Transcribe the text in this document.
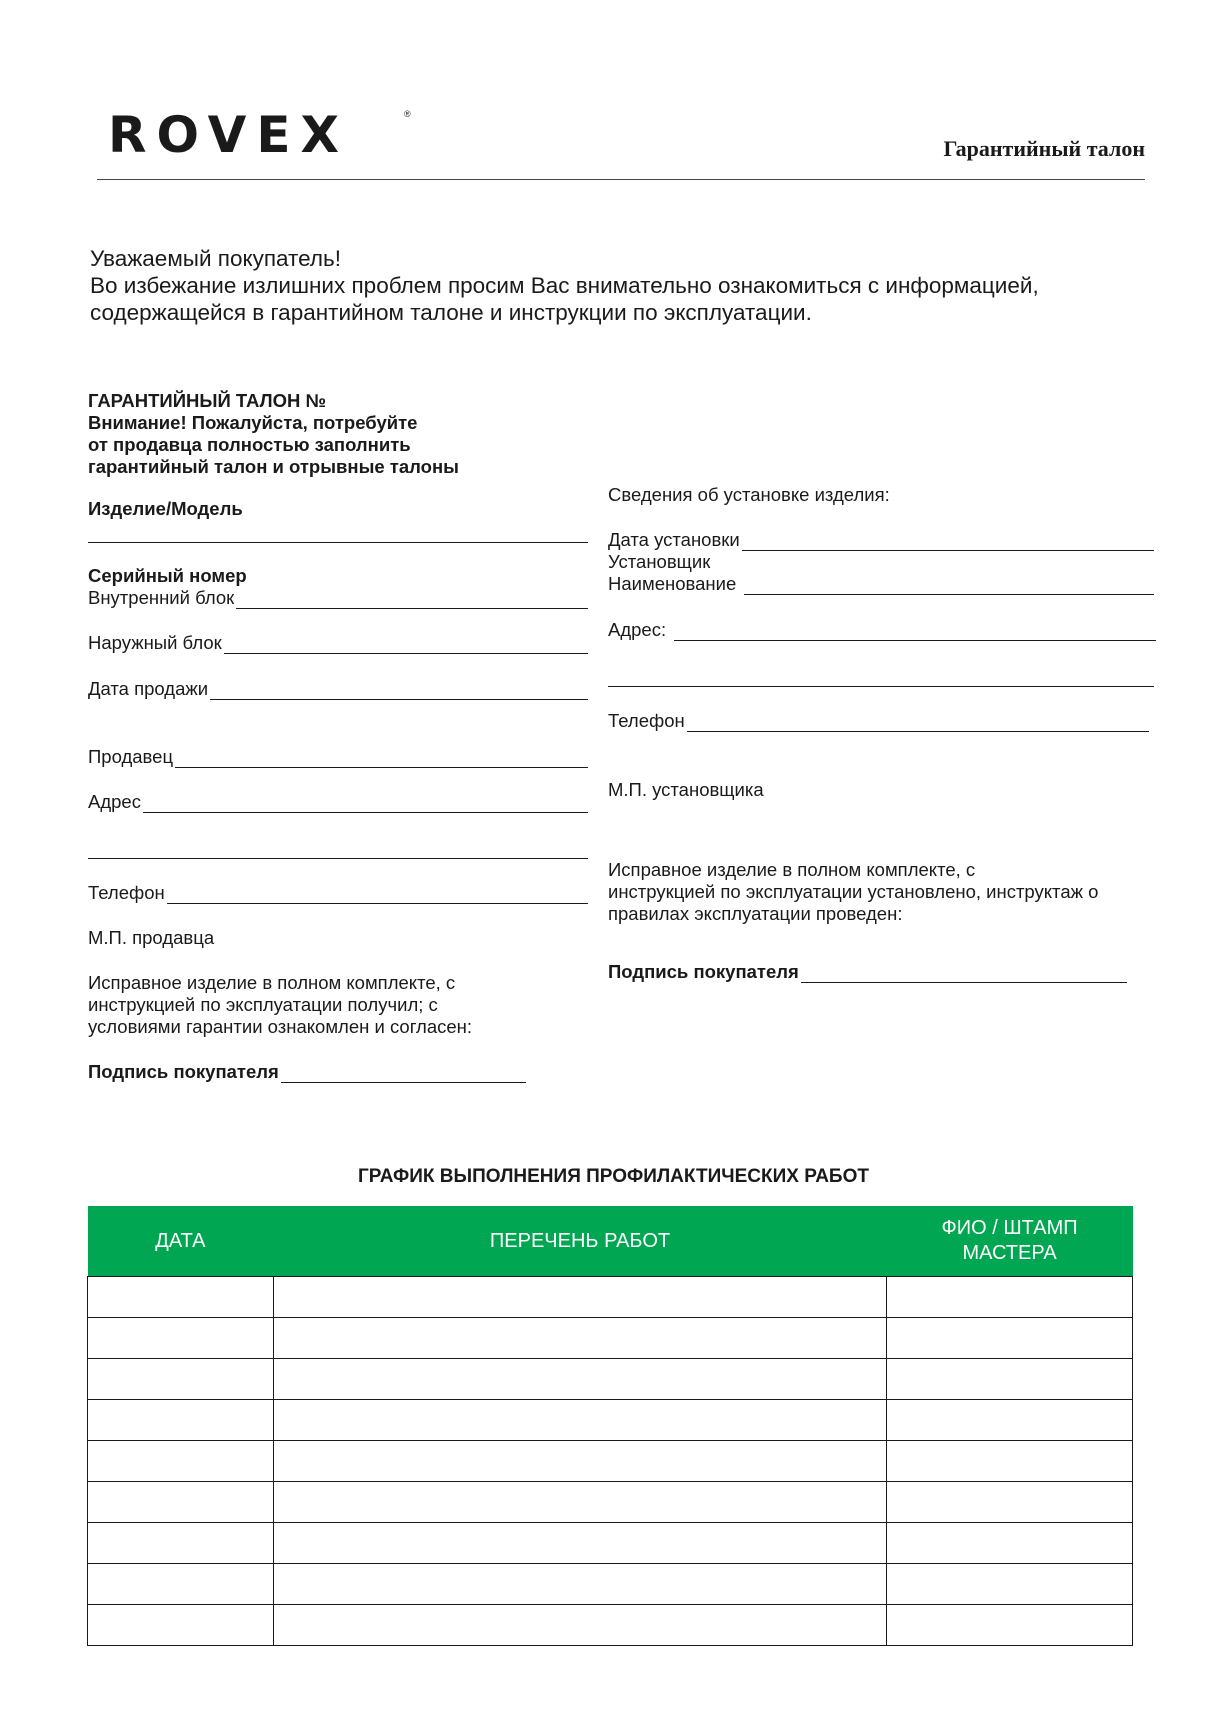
ROVEX	®
Гарантийный талон
Уважаемый покупатель!
Во избежание излишних проблем просим Вас внимательно ознакомиться с информацией,
содержащейся в гарантийном талоне и инструкции по эксплуатации.
ГАРАНТИЙНЫЙ ТАЛОН №
Внимание! Пожалуйста, потребуйте
от продавца полностью заполнить
гарантийный талон и отрывные талоны
Изделие/Модель
Серийный номер
Внутренний блок
Наружный блок
Дата продажи
Продавец
Адрес
Телефон
М.П. продавца
Исправное изделие в полном комплекте, с
инструкцией по эксплуатации получил; с
условиями гарантии ознакомлен и согласен:
Подпись покупателя
Сведения об установке изделия:
Дата установки
Установщик
Наименование
Адрес:
Телефон
М.П. установщика
Исправное изделие в полном комплекте, с
инструкцией по эксплуатации установлено, инструктаж о
правилах эксплуатации проведен:
Подпись покупателя
ГРАФИК ВЫПОЛНЕНИЯ ПРОФИЛАКТИЧЕСКИХ РАБОТ
ДАТА	ПЕРЕЧЕНЬ РАБОТ	ФИО / ШТАМП
МАСТЕРА
